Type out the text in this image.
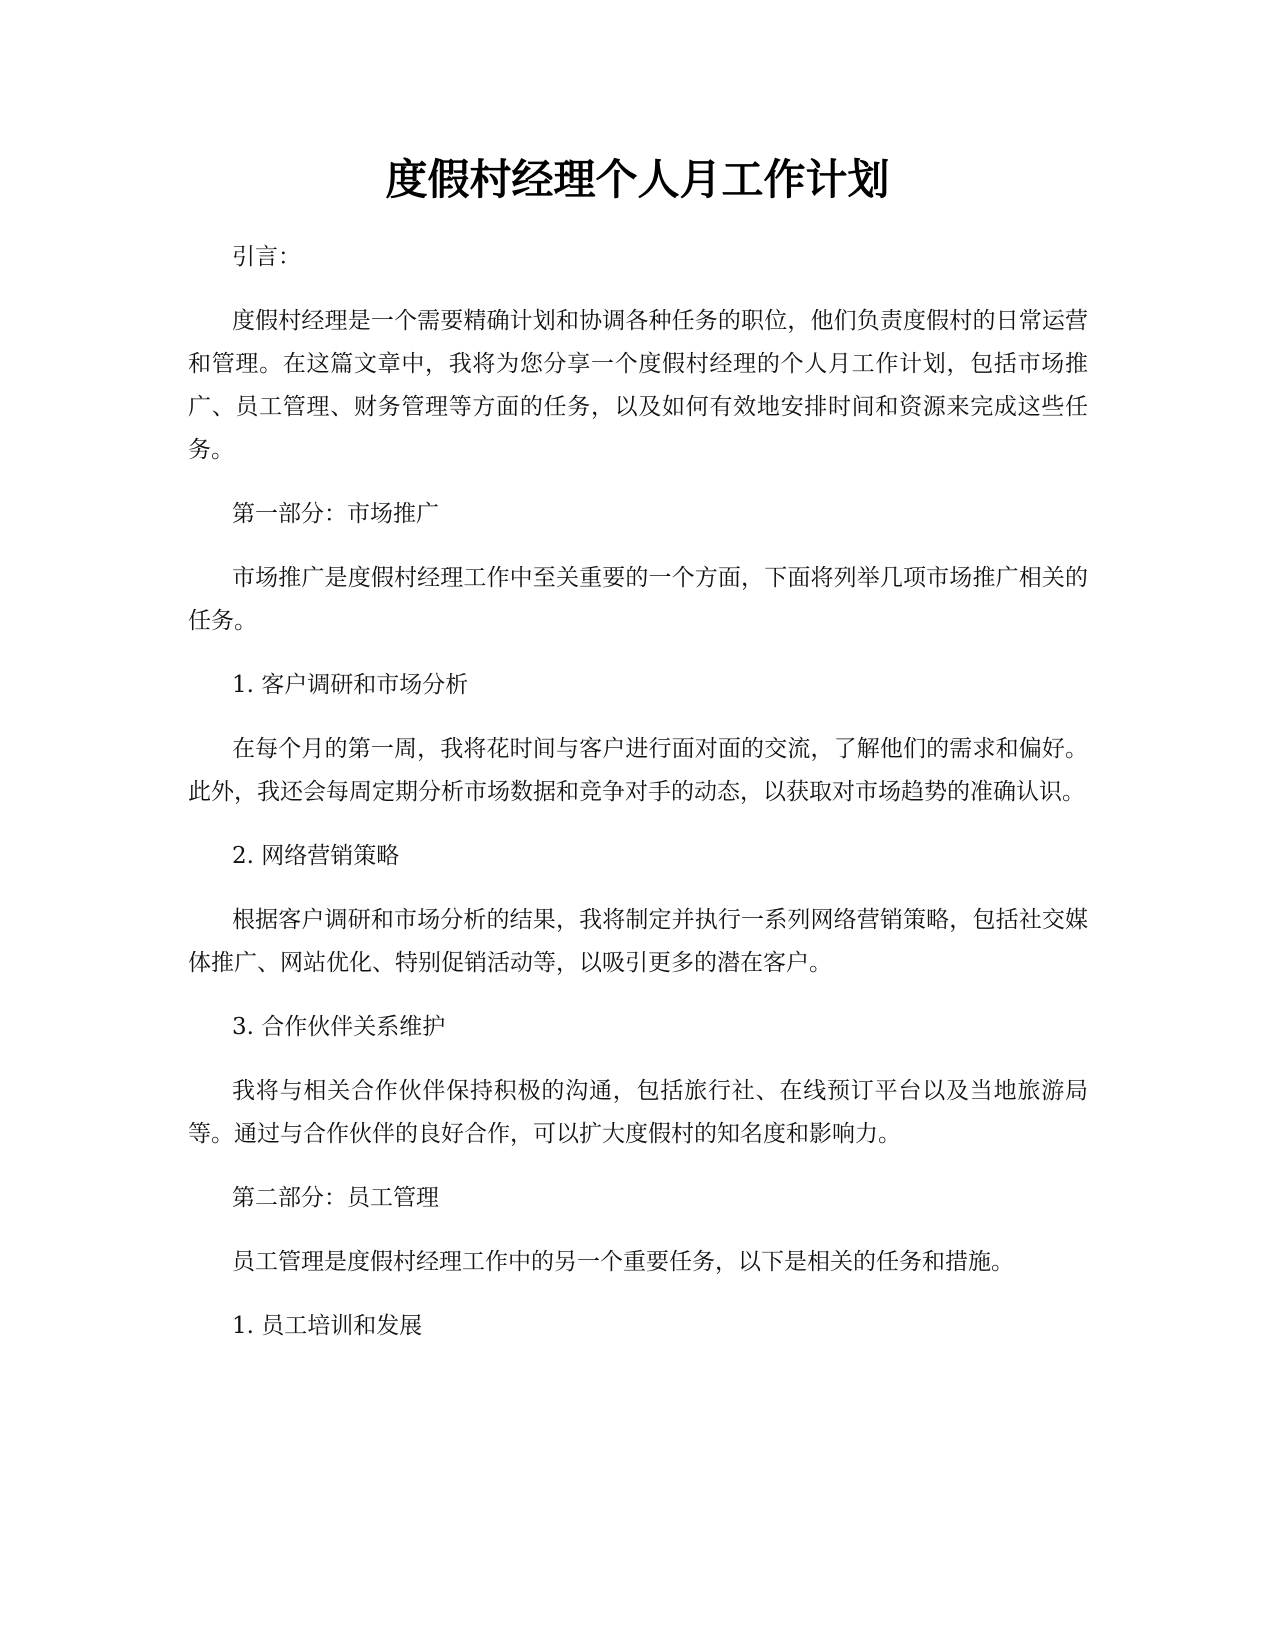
度假村经理个人月工作计划

引言：

度假村经理是一个需要精确计划和协调各种任务的职位，他们负责度假村的日常运营和管理。在这篇文章中，我将为您分享一个度假村经理的个人月工作计划，包括市场推广、员工管理、财务管理等方面的任务，以及如何有效地安排时间和资源来完成这些任务。

第一部分：市场推广

市场推广是度假村经理工作中至关重要的一个方面，下面将列举几项市场推广相关的任务。

1. 客户调研和市场分析

在每个月的第一周，我将花时间与客户进行面对面的交流，了解他们的需求和偏好。此外，我还会每周定期分析市场数据和竞争对手的动态，以获取对市场趋势的准确认识。

2. 网络营销策略

根据客户调研和市场分析的结果，我将制定并执行一系列网络营销策略，包括社交媒体推广、网站优化、特别促销活动等，以吸引更多的潜在客户。

3. 合作伙伴关系维护

我将与相关合作伙伴保持积极的沟通，包括旅行社、在线预订平台以及当地旅游局等。通过与合作伙伴的良好合作，可以扩大度假村的知名度和影响力。

第二部分：员工管理

员工管理是度假村经理工作中的另一个重要任务，以下是相关的任务和措施。

1. 员工培训和发展
